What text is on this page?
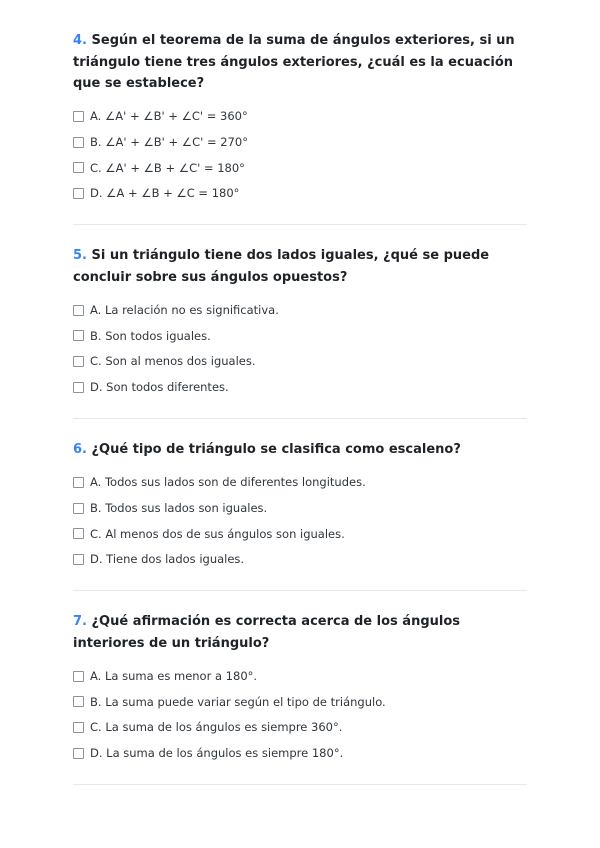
4. Según el teorema de la suma de ángulos exteriores, si un triángulo tiene tres ángulos exteriores, ¿cuál es la ecuación que se establece?

A. ∠A' + ∠B' + ∠C' = 360°
B. ∠A' + ∠B' + ∠C' = 270°
C. ∠A' + ∠B + ∠C' = 180°
D. ∠A + ∠B + ∠C = 180°

5. Si un triángulo tiene dos lados iguales, ¿qué se puede concluir sobre sus ángulos opuestos?

A. La relación no es significativa.
B. Son todos iguales.
C. Son al menos dos iguales.
D. Son todos diferentes.

6. ¿Qué tipo de triángulo se clasifica como escaleno?

A. Todos sus lados son de diferentes longitudes.
B. Todos sus lados son iguales.
C. Al menos dos de sus ángulos son iguales.
D. Tiene dos lados iguales.

7. ¿Qué afirmación es correcta acerca de los ángulos interiores de un triángulo?

A. La suma es menor a 180°.
B. La suma puede variar según el tipo de triángulo.
C. La suma de los ángulos es siempre 360°.
D. La suma de los ángulos es siempre 180°.
